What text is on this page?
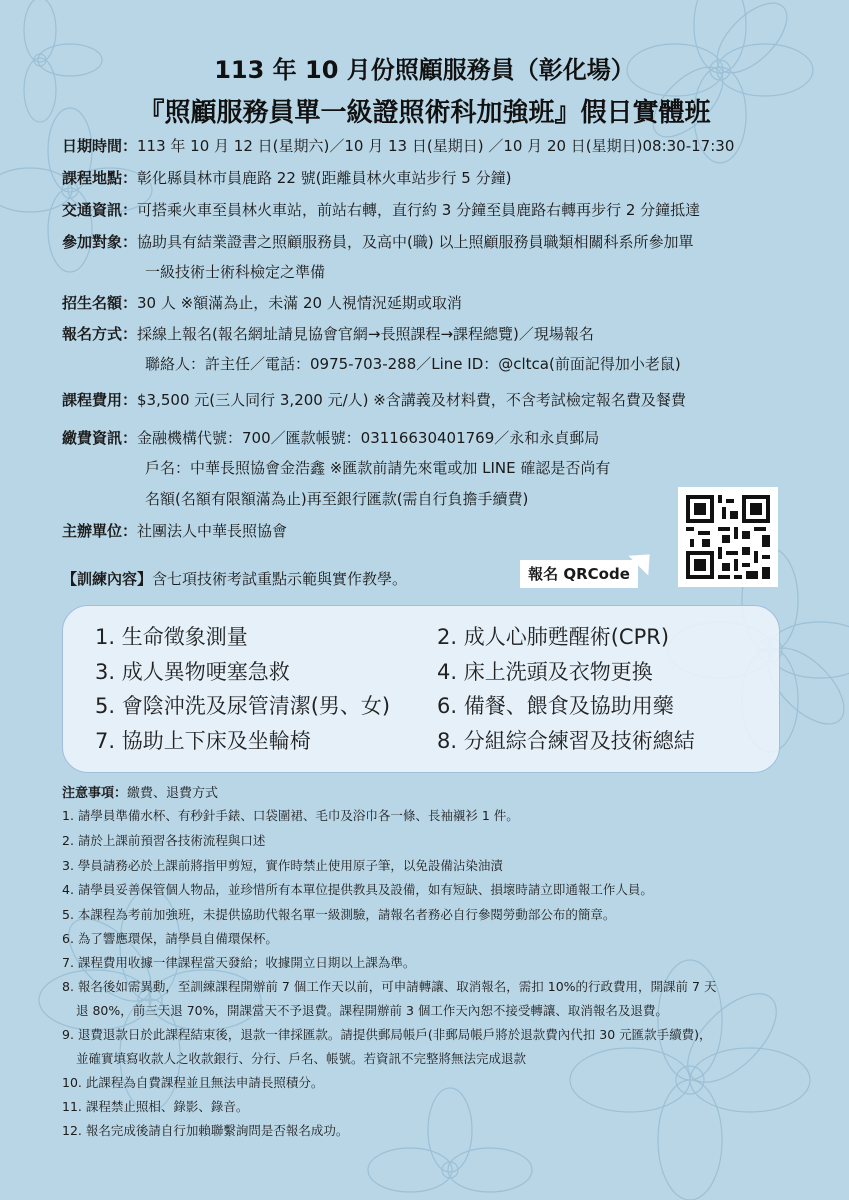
113 年 10 月份照顧服務員（彰化場）
『照顧服務員單一級證照術科加強班』假日實體班
日期時間：113 年 10 月 12 日(星期六)／10 月 13 日(星期日) ／10 月 20 日(星期日)08:30-17:30
課程地點：彰化縣員林市員鹿路 22 號(距離員林火車站步行 5 分鐘)
交通資訊：可搭乘火車至員林火車站，前站右轉，直行約 3 分鐘至員鹿路右轉再步行 2 分鐘抵達
參加對象：協助具有結業證書之照顧服務員，及高中(職) 以上照顧服務員職類相關科系所參加單
一級技術士術科檢定之準備
招生名額：30 人 ※額滿為止，未滿 20 人視情況延期或取消
報名方式：採線上報名(報名網址請見協會官網→長照課程→課程總覽)／現場報名
聯絡人：許主任／電話：0975-703-288／Line ID：@cltca(前面記得加小老鼠)
課程費用：$3,500 元(三人同行 3,200 元/人) ※含講義及材料費，不含考試檢定報名費及餐費
繳費資訊：金融機構代號：700／匯款帳號：03116630401769／永和永貞郵局
戶名：中華長照協會金浩鑫 ※匯款前請先來電或加 LINE 確認是否尚有
名額(名額有限額滿為止)再至銀行匯款(需自行負擔手續費)
主辦單位：社團法人中華長照協會
報名 QRCode
【訓練內容】含七項技術考試重點示範與實作教學。
1. 生命徵象測量	2. 成人心肺甦醒術(CPR)
3. 成人異物哽塞急救	4. 床上洗頭及衣物更換
5. 會陰沖洗及尿管清潔(男、女) 6. 備餐、餵食及協助用藥
7. 協助上下床及坐輪椅	8. 分組綜合練習及技術總結
注意事項：繳費、退費方式
1. 請學員準備水杯、有秒針手錶、口袋圍裙、毛巾及浴巾各一條、長袖襯衫 1 件。
2. 請於上課前預習各技術流程與口述
3. 學員請務必於上課前將指甲剪短，實作時禁止使用原子筆，以免設備沾染油漬
4. 請學員妥善保管個人物品，並珍惜所有本單位提供教具及設備，如有短缺、損壞時請立即通報工作人員。
5. 本課程為考前加強班，未提供協助代報名單一級測驗，請報名者務必自行參閱勞動部公布的簡章。
6. 為了響應環保，請學員自備環保杯。
7. 課程費用收據一律課程當天發給；收據開立日期以上課為準。
8. 報名後如需異動，至訓練課程開辦前 7 個工作天以前，可申請轉讓、取消報名，需扣 10%的行政費用，開課前 7 天
退 80%，前三天退 70%，開課當天不予退費。課程開辦前 3 個工作天內恕不接受轉讓、取消報名及退費。
9. 退費退款日於此課程結束後，退款一律採匯款。請提供郵局帳戶(非郵局帳戶將於退款費內代扣 30 元匯款手續費)，
並確實填寫收款人之收款銀行、分行、戶名、帳號。若資訊不完整將無法完成退款
10. 此課程為自費課程並且無法申請長照積分。
11. 課程禁止照相、錄影、錄音。
12. 報名完成後請自行加賴聯繫詢問是否報名成功。
